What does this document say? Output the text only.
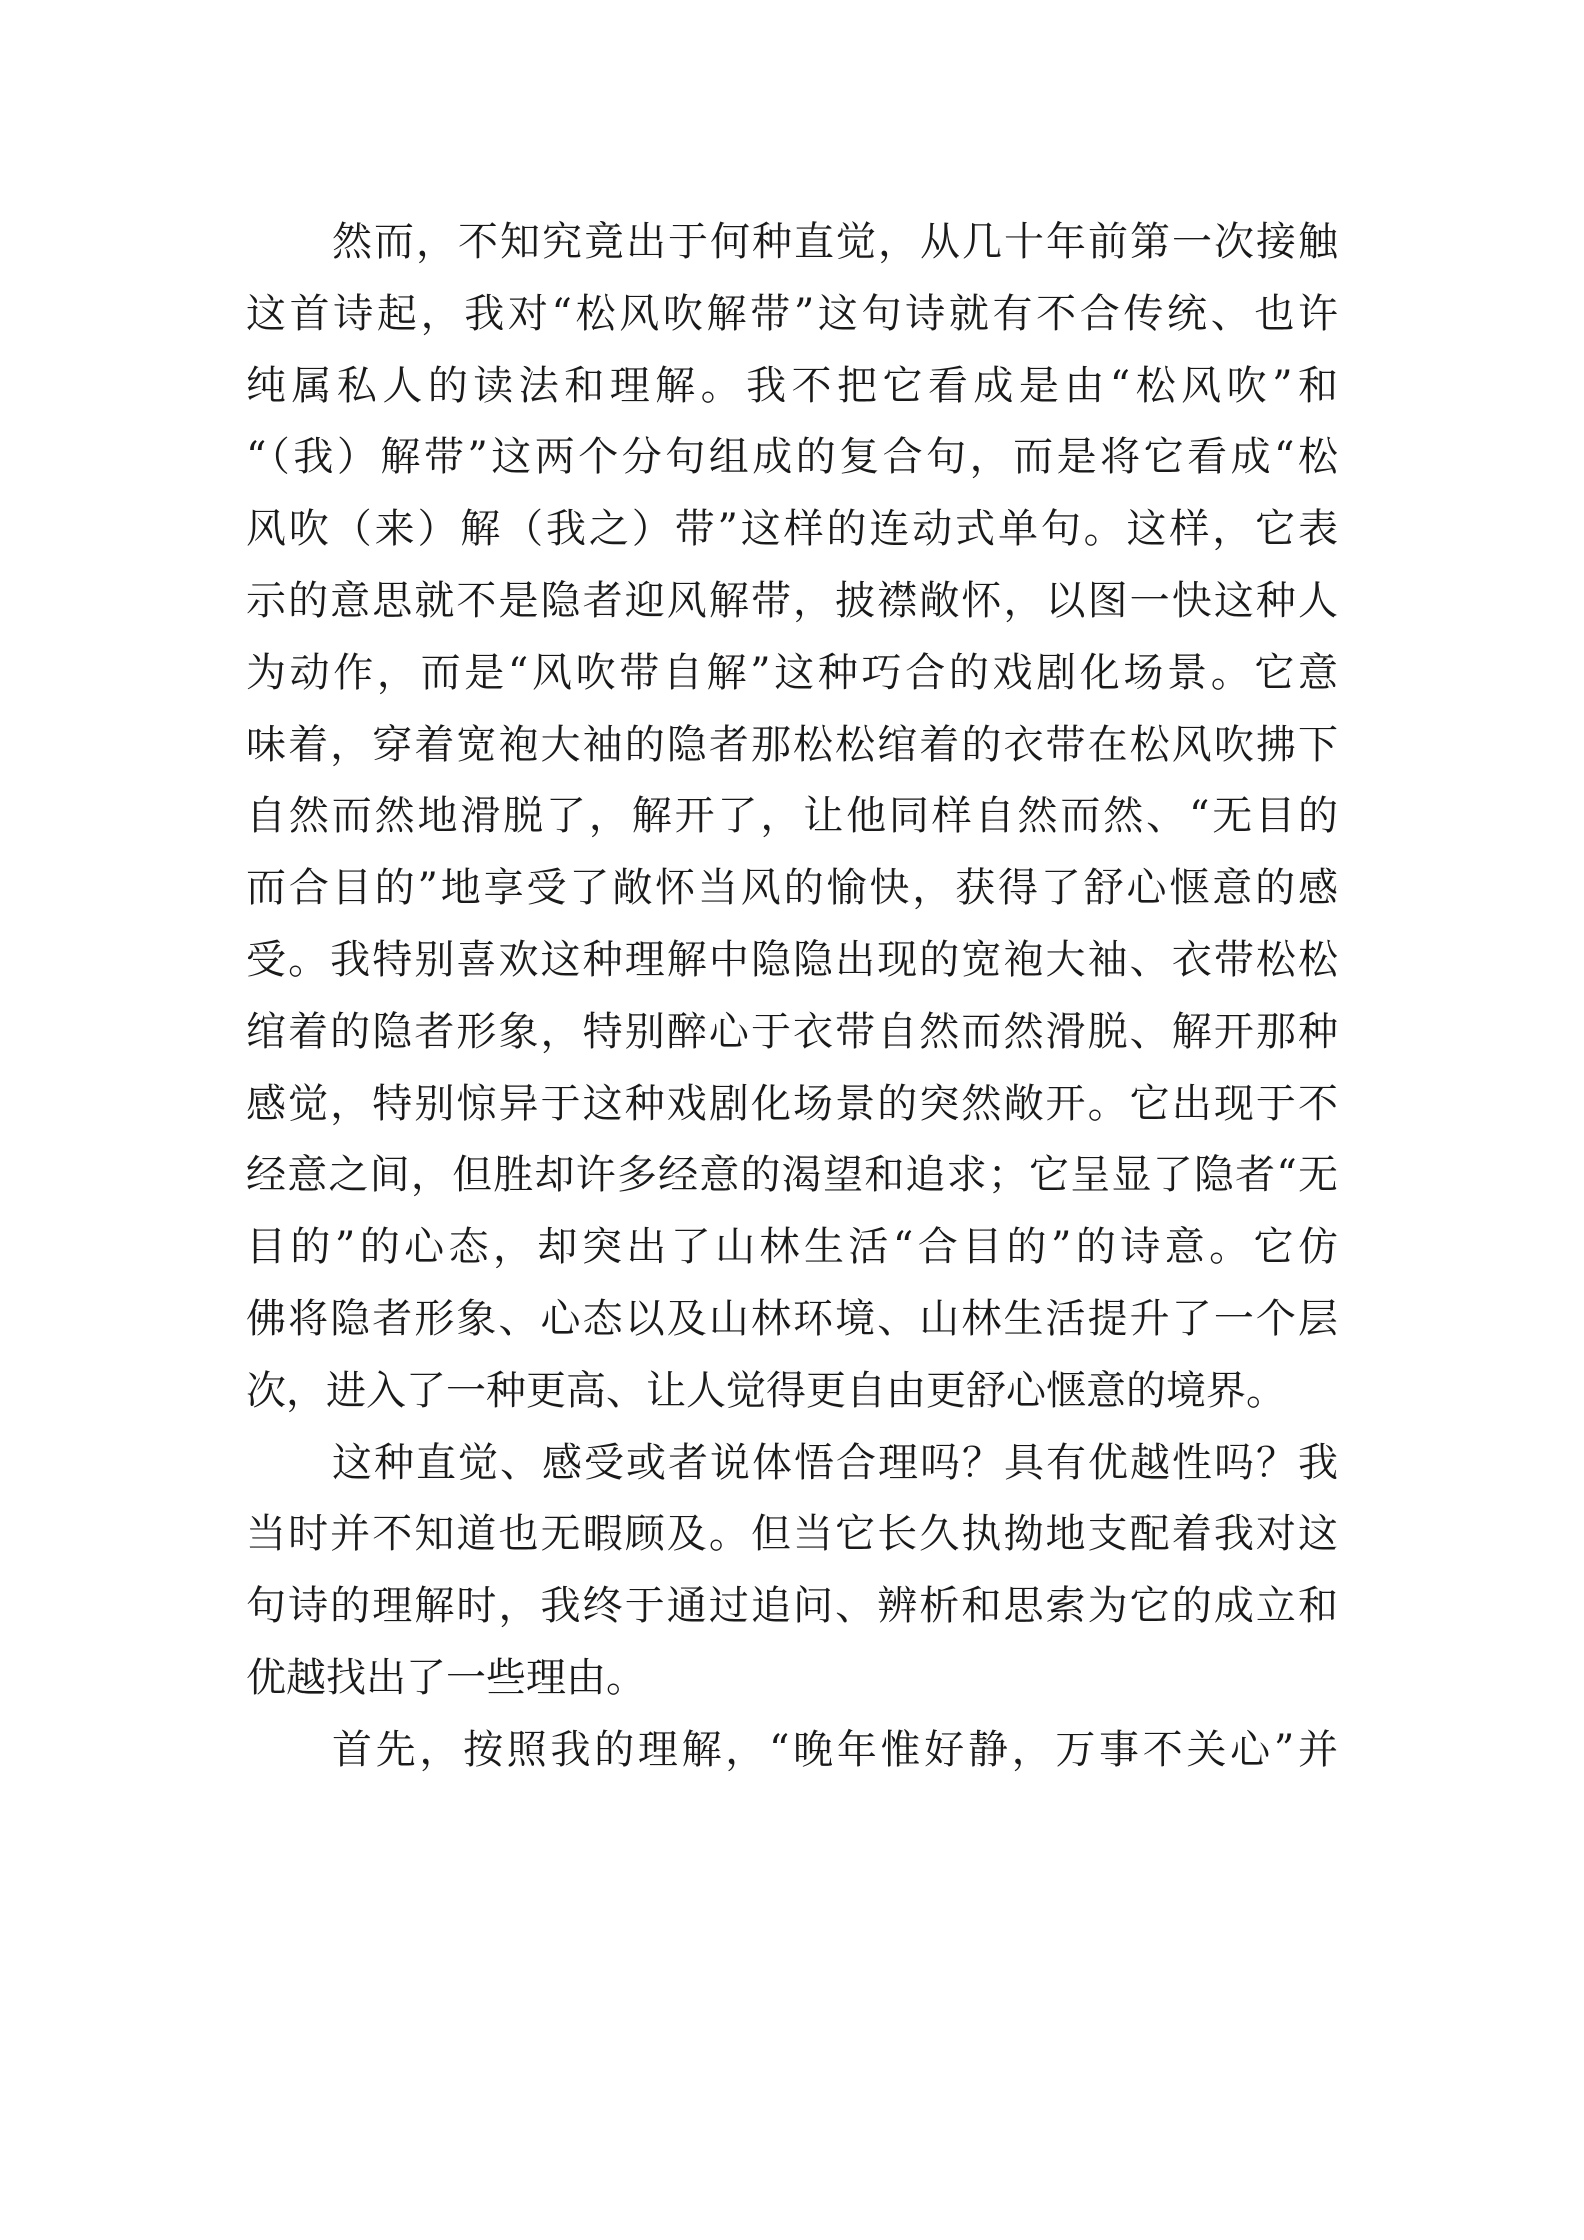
然而，不知究竟出于何种直觉，从几十年前第一次接触
这首诗起，我对“松风吹解带”这句诗就有不合传统、也许
纯属私人的读法和理解。我不把它看成是由“松风吹”和
“（我）解带”这两个分句组成的复合句，而是将它看成“松
风吹（来）解（我之）带”这样的连动式单句。这样，它表
示的意思就不是隐者迎风解带，披襟敞怀，以图一快这种人
为动作，而是“风吹带自解”这种巧合的戏剧化场景。它意
味着，穿着宽袍大袖的隐者那松松绾着的衣带在松风吹拂下
自然而然地滑脱了，解开了，让他同样自然而然、“无目的
而合目的”地享受了敞怀当风的愉快，获得了舒心惬意的感
受。我特别喜欢这种理解中隐隐出现的宽袍大袖、衣带松松
绾着的隐者形象，特别醉心于衣带自然而然滑脱、解开那种
感觉，特别惊异于这种戏剧化场景的突然敞开。它出现于不
经意之间，但胜却许多经意的渴望和追求；它呈显了隐者“无
目的”的心态，却突出了山林生活“合目的”的诗意。它仿
佛将隐者形象、心态以及山林环境、山林生活提升了一个层
次，进入了一种更高、让人觉得更自由更舒心惬意的境界。
这种直觉、感受或者说体悟合理吗？具有优越性吗？我
当时并不知道也无暇顾及。但当它长久执拗地支配着我对这
句诗的理解时，我终于通过追问、辨析和思索为它的成立和
优越找出了一些理由。
首先，按照我的理解，“晚年惟好静，万事不关心”并
